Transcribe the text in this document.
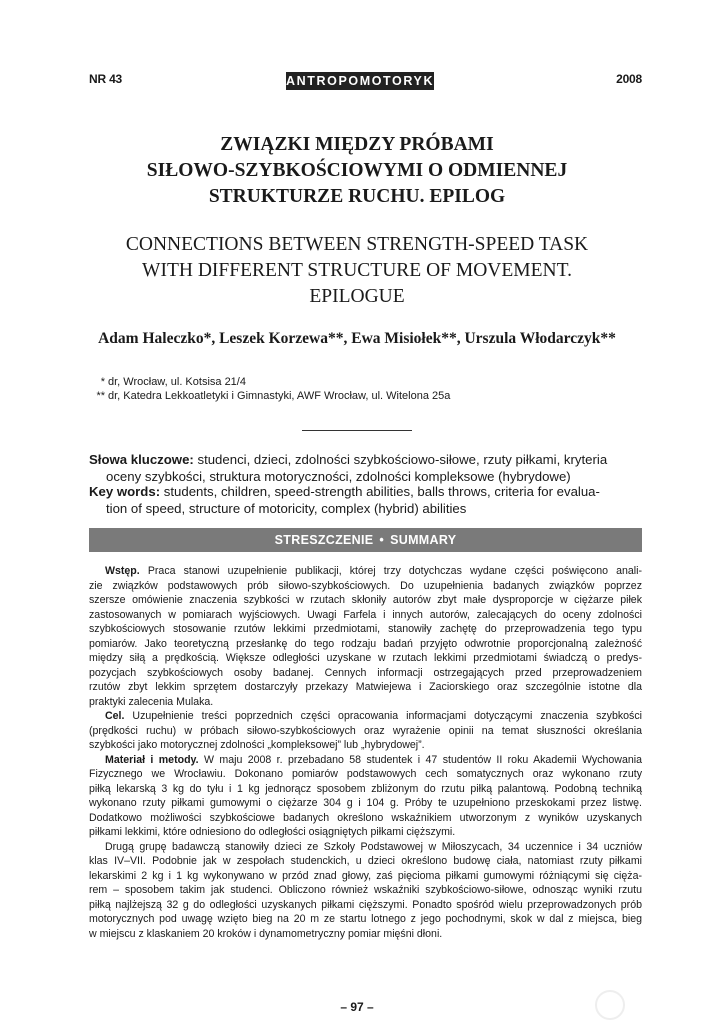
NR 43	ANTROPOMOTORYKA	2008
ZWIĄZKI MIĘDZY PRÓBAMI
SIŁOWO-SZYBKOŚCIOWYMI O ODMIENNEJ
STRUKTURZE RUCHU. EPILOG
CONNECTIONS BETWEEN STRENGTH-SPEED TASK
WITH DIFFERENT STRUCTURE OF MOVEMENT.
EPILOGUE

Adam Haleczko*, Leszek Korzewa**, Ewa Misiołek**, Urszula Włodarczyk**

* dr, Wrocław, ul. Kotsisa 21/4
** dr, Katedra Lekkoatletyki i Gimnastyki, AWF Wrocław, ul. Witelona 25a
Słowa kluczowe: studenci, dzieci, zdolności szybkościowo-siłowe, rzuty piłkami, kryteria
oceny szybkości, struktura motoryczności, zdolności kompleksowe (hybrydowe)
Key words: students, children, speed-strength abilities, balls throws, criteria for evalua-
tion of speed, structure of motoricity, complex (hybrid) abilities
STRESZCZENIE • SUMMARY

Wstęp. Praca stanowi uzupełnienie publikacji, której trzy dotychczas wydane części poświęcono anali-
zie związków podstawowych prób siłowo-szybkościowych. Do uzupełnienia badanych związków poprzez
szersze omówienie znaczenia szybkości w rzutach skłoniły autorów zbyt małe dysproporcje w ciężarze piłek
zastosowanych w pomiarach wyjściowych. Uwagi Farfela i innych autorów, zalecających do oceny zdolności
szybkościowych stosowanie rzutów lekkimi przedmiotami, stanowiły zachętę do przeprowadzenia tego typu
pomiarów. Jako teoretyczną przesłankę do tego rodzaju badań przyjęto odwrotnie proporcjonalną zależność
między siłą a prędkością. Większe odległości uzyskane w rzutach lekkimi przedmiotami świadczą o predys-
pozycjach szybkościowych osoby badanej. Cennych informacji ostrzegających przed przeprowadzeniem
rzutów zbyt lekkim sprzętem dostarczyły przekazy Matwiejewa i Zaciorskiego oraz szczególnie istotne dla
praktyki zalecenia Mulaka.

Cel. Uzupełnienie treści poprzednich części opracowania informacjami dotyczącymi znaczenia szybkości
(prędkości ruchu) w próbach siłowo-szybkościowych oraz wyrażenie opinii na temat słuszności określania
szybkości jako motorycznej zdolności „kompleksowej” lub „hybrydowej”.

Materiał i metody. W maju 2008 r. przebadano 58 studentek i 47 studentów II roku Akademii Wychowania
Fizycznego we Wrocławiu. Dokonano pomiarów podstawowych cech somatycznych oraz wykonano rzuty
piłką lekarską 3 kg do tyłu i 1 kg jednorącz sposobem zbliżonym do rzutu piłką palantową. Podobną techniką
wykonano rzuty piłkami gumowymi o ciężarze 304 g i 104 g. Próby te uzupełniono przeskokami przez listwę.
Dodatkowo możliwości szybkościowe badanych określono wskaźnikiem utworzonym z wyników uzyskanych
piłkami lekkimi, które odniesiono do odległości osiągniętych piłkami cięższymi.

Drugą grupę badawczą stanowiły dzieci ze Szkoły Podstawowej w Miłoszycach, 34 uczennice i 34 uczniów
klas IV–VII. Podobnie jak w zespołach studenckich, u dzieci określono budowę ciała, natomiast rzuty piłkami
lekarskimi 2 kg i 1 kg wykonywano w przód znad głowy, zaś pięcioma piłkami gumowymi różniącymi się cięża-
rem – sposobem takim jak studenci. Obliczono również wskaźniki szybkościowo-siłowe, odnosząc wyniki rzutu
piłką najlżejszą 32 g do odległości uzyskanych piłkami cięższymi. Ponadto spośród wielu przeprowadzonych prób
motorycznych pod uwagę wzięto bieg na 20 m ze startu lotnego z jego pochodnymi, skok w dal z miejsca, bieg
w miejscu z klaskaniem 20 kroków i dynamometryczny pomiar mięśni dłoni.

– 97 –
